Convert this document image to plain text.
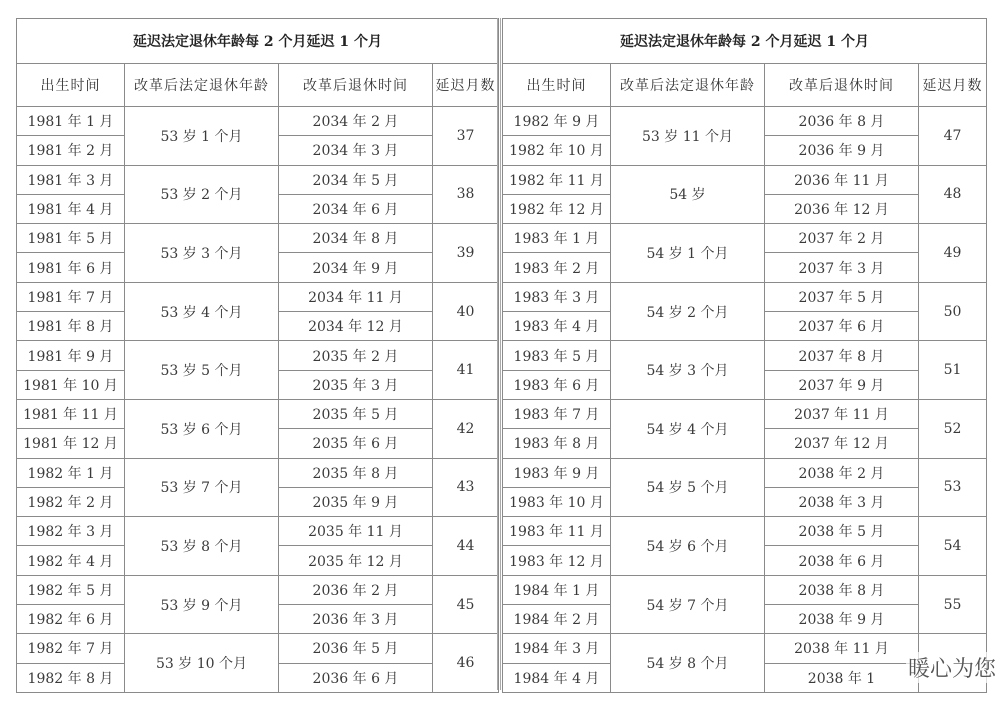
延迟法定退休年龄每 2 个月延迟 1 个月			
出生时间	改革后法定退休年龄	改革后退休时间	延迟月数
1981 年 1 月	53 岁 1 个月	2034 年 2 月	37
1981 年 2 月		2034 年 3 月	
1981 年 3 月	53 岁 2 个月	2034 年 5 月	38
1981 年 4 月		2034 年 6 月	
1981 年 5 月	53 岁 3 个月	2034 年 8 月	39
1981 年 6 月		2034 年 9 月	
1981 年 7 月	53 岁 4 个月	2034 年 11 月	40
1981 年 8 月		2034 年 12 月	
1981 年 9 月	53 岁 5 个月	2035 年 2 月	41
1981 年 10 月		2035 年 3 月	
1981 年 11 月	53 岁 6 个月	2035 年 5 月	42
1981 年 12 月		2035 年 6 月	
1982 年 1 月	53 岁 7 个月	2035 年 8 月	43
1982 年 2 月		2035 年 9 月	
1982 年 3 月	53 岁 8 个月	2035 年 11 月	44
1982 年 4 月		2035 年 12 月	
1982 年 5 月	53 岁 9 个月	2036 年 2 月	45
1982 年 6 月		2036 年 3 月	
1982 年 7 月	53 岁 10 个月	2036 年 5 月	46
1982 年 8 月		2036 年 6 月	
延迟法定退休年龄每 2 个月延迟 1 个月			
出生时间	改革后法定退休年龄	改革后退休时间	延迟月数
1982 年 9 月	53 岁 11 个月	2036 年 8 月	47
1982 年 10 月		2036 年 9 月	
1982 年 11 月	54 岁	2036 年 11 月	48
1982 年 12 月		2036 年 12 月	
1983 年 1 月	54 岁 1 个月	2037 年 2 月	49
1983 年 2 月		2037 年 3 月	
1983 年 3 月	54 岁 2 个月	2037 年 5 月	50
1983 年 4 月		2037 年 6 月	
1983 年 5 月	54 岁 3 个月	2037 年 8 月	51
1983 年 6 月		2037 年 9 月	
1983 年 7 月	54 岁 4 个月	2037 年 11 月	52
1983 年 8 月		2037 年 12 月	
1983 年 9 月	54 岁 5 个月	2038 年 2 月	53
1983 年 10 月		2038 年 3 月	
1983 年 11 月	54 岁 6 个月	2038 年 5 月	54
1983 年 12 月		2038 年 6 月	
1984 年 1 月	54 岁 7 个月	2038 年 8 月	55
1984 年 2 月		2038 年 9 月	
1984 年 3 月	54 岁 8 个月	2038 年 11 月	
1984 年 4 月		2038 年 1	暖心为您
